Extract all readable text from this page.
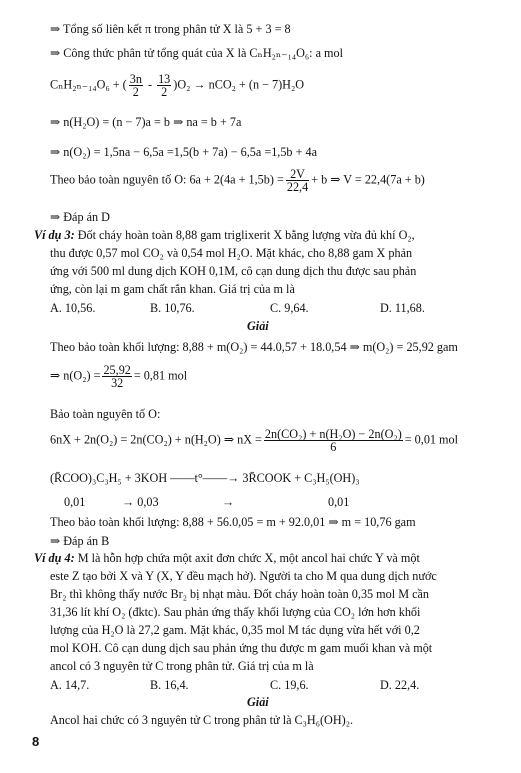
⇒ Tổng số liên kết π trong phân tử X là 5 + 3 = 8
⇒ Công thức phân tử tổng quát của X là CₙH₂ₙ₋₁₄O₆: a mol
CₙH₂ₙ₋₁₄O₆ + ( $\frac{3n}{2} - \frac{13}{2} )O_2 \to nCO_2 + (n - 7)H_2O$
⇒ n(H₂O) = (n − 7)a = b ⇒ na = b + 7a
⇒ n(O₂) = 1,5na − 6,5a =1,5(b + 7a) − 6,5a =1,5b + 4a
Theo bảo toàn nguyên tố O: $6a + 2(4a + 1,5b) = \frac{2V}{22,4} + b$ ⇒ V = 22,4(7a + b)
⇒ Đáp án D
Ví dụ 3: Đốt cháy hoàn toàn 8,88 gam triglixerit X bằng lượng vừa đủ khí O₂,
thu được 0,57 mol CO₂ và 0,54 mol H₂O. Mặt khác, cho 8,88 gam X phản
ứng với 500 ml dung dịch KOH 0,1M, cô cạn dung dịch thu được sau phản
ứng, còn lại m gam chất rắn khan. Giá trị của m là
A. 10,56.	B. 10,76.	C. 9,64.	D. 11,68.
Giải
Theo bảo toàn khối lượng: 8,88 + m(O₂) = 44.0,57 + 18.0,54 ⇒ m(O₂) = 25,92 gam
⇒ $n(O_2) = \frac{25,92}{32} = 0,81$ mol
Bảo toàn nguyên tố O:
6nX + 2n(O₂) = 2n(CO₂) + n(H₂O) ⇒ nX = $\frac{\text{2n(CO₂) + n(H₂O) − 2n(O₂)}}{6} = 0,01$ mol
(R̄COO)₃C₃H₅ + 3KOH ——t°——→ 3R̄COOK + C₃H₅(OH)₃
0,01	→ 0,03	→	0,01
Theo bảo toàn khối lượng: 8,88 + 56.0,05 = m + 92.0,01 ⇒ m = 10,76 gam
⇒ Đáp án B
Ví dụ 4: M là hỗn hợp chứa một axit đơn chức X, một ancol hai chức Y và một
este Z tạo bởi X và Y (X, Y đều mạch hở). Người ta cho M qua dung dịch nước
Br₂ thì không thấy nước Br₂ bị nhạt màu. Đốt cháy hoàn toàn 0,35 mol M cần
31,36 lít khí O₂ (đktc). Sau phản ứng thấy khối lượng của CO₂ lớn hơn khối
lượng của H₂O là 27,2 gam. Mặt khác, 0,35 mol M tác dụng vừa hết với 0,2
mol KOH. Cô cạn dung dịch sau phản ứng thu được m gam muối khan và một
ancol có 3 nguyên tử C trong phân tử. Giá trị của m là
A. 14,7.	B. 16,4.	C. 19,6.	D. 22,4.
Giải
Ancol hai chức có 3 nguyên tử C trong phân tử là C₃H₆(OH)₂.
8
